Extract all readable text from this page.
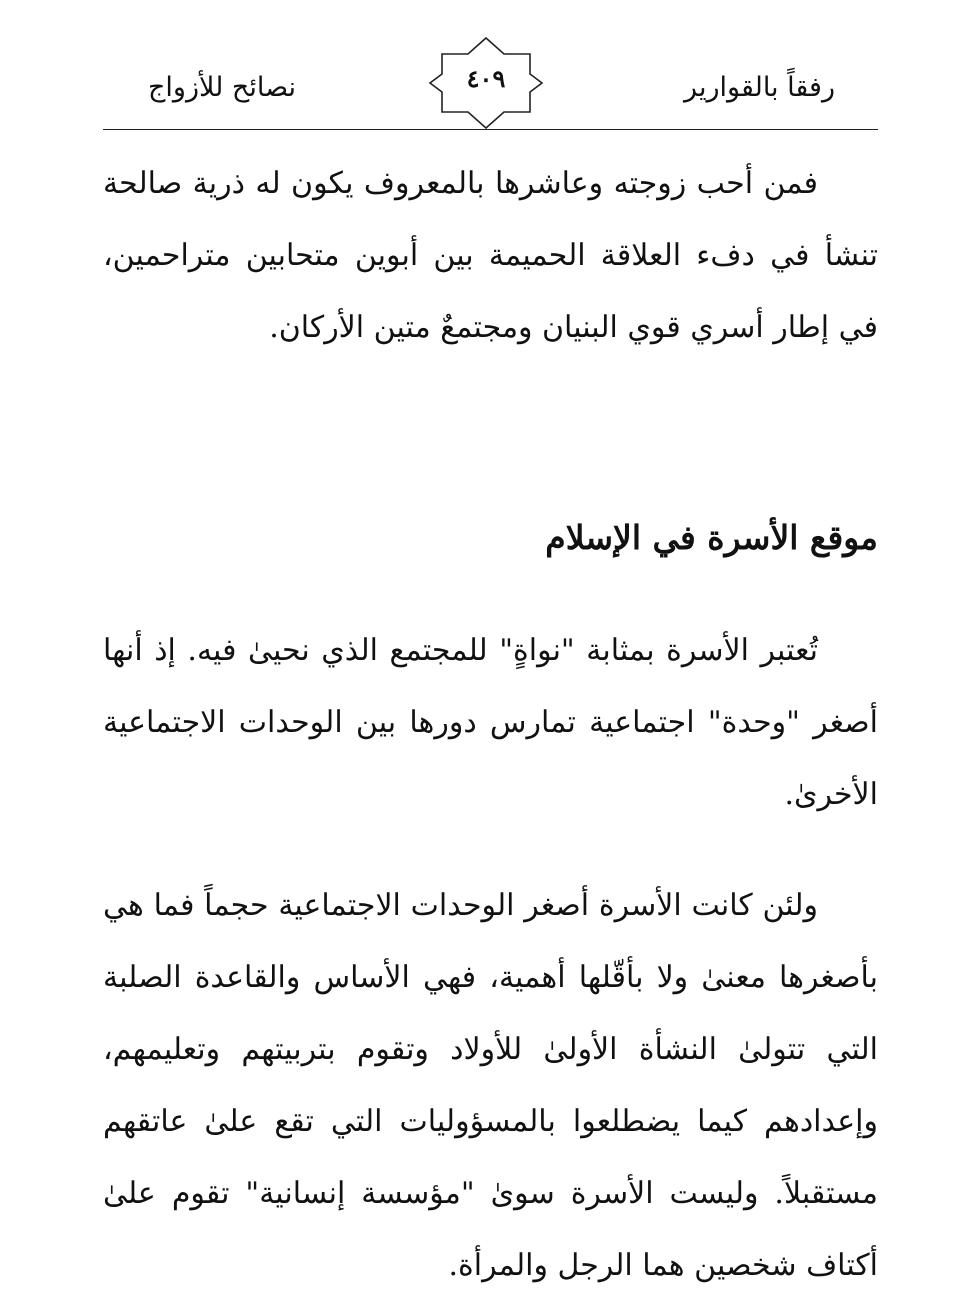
رفقاً بالقوارير
٤٠٩
نصائح للأزواج

فمن أحب زوجته وعاشرها بالمعروف يكون له ذرية صالحة تنشأ في دفء العلاقة الحميمة بين أبوين متحابين متراحمين، في إطار أسري قوي البنيان ومجتمعٌ متين الأركان.

موقع الأسرة في الإسلام

تُعتبر الأسرة بمثابة "نواةٍ" للمجتمع الذي نحيىٰ فيه. إذ أنها أصغر "وحدة" اجتماعية تمارس دورها بين الوحدات الاجتماعية الأخرىٰ.

ولئن كانت الأسرة أصغر الوحدات الاجتماعية حجماً فما هي بأصغرها معنىٰ ولا بأقّلها أهمية، فهي الأساس والقاعدة الصلبة التي تتولىٰ النشأة الأولىٰ للأولاد وتقوم بتربيتهم وتعليمهم، وإعدادهم كيما يضطلعوا بالمسؤوليات التي تقع علىٰ عاتقهم مستقبلاً. وليست الأسرة سوىٰ "مؤسسة إنسانية" تقوم علىٰ أكتاف شخصين هما الرجل والمرأة.
